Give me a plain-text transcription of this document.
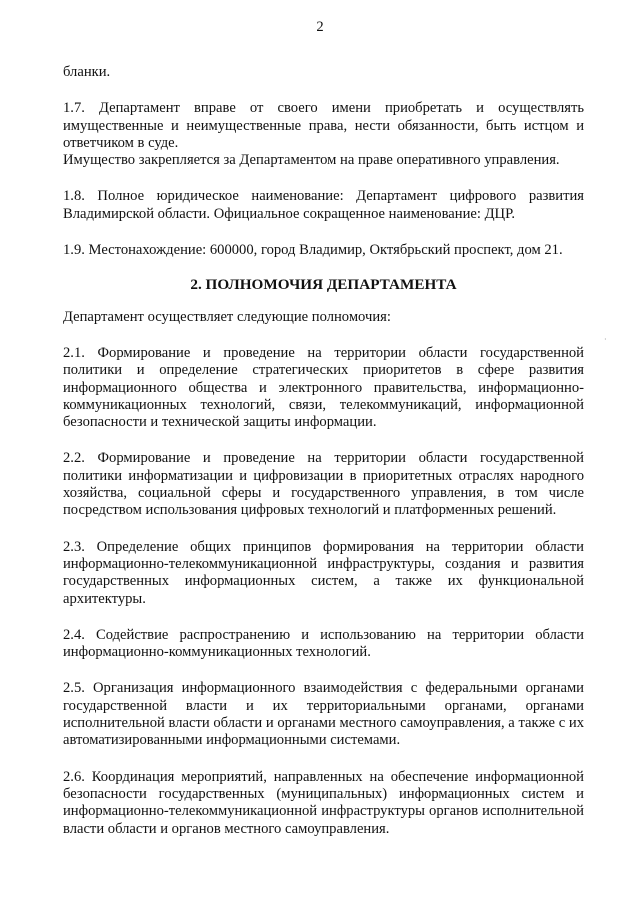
2

бланки.

1.7. Департамент вправе от своего имени приобретать и осуществлять имущественные и неимущественные права, нести обязанности, быть истцом и ответчиком в суде.

Имущество закрепляется за Департаментом на праве оперативного управления.

1.8. Полное юридическое наименование: Департамент цифрового развития Владимирской области. Официальное сокращенное наименование: ДЦР.

1.9. Местонахождение: 600000, город Владимир, Октябрьский проспект, дом 21.

2. ПОЛНОМОЧИЯ ДЕПАРТАМЕНТА

Департамент осуществляет следующие полномочия:

2.1. Формирование и проведение на территории области государственной политики и определение стратегических приоритетов в сфере развития информационного общества и электронного правительства, информационно-коммуникационных технологий, связи, телекоммуникаций, информационной безопасности и технической защиты информации.

2.2. Формирование и проведение на территории области государственной политики информатизации и цифровизации в приоритетных отраслях народного хозяйства, социальной сферы и государственного управления, в том числе посредством использования цифровых технологий и платформенных решений.

2.3. Определение общих принципов формирования на территории области информационно-телекоммуникационной инфраструктуры, создания и развития государственных информационных систем, а также их функциональной архитектуры.

2.4. Содействие распространению и использованию на территории области информационно-коммуникационных технологий.

2.5. Организация информационного взаимодействия с федеральными органами государственной власти и их территориальными органами, органами исполнительной власти области и органами местного самоуправления, а также с их автоматизированными информационными системами.

2.6. Координация мероприятий, направленных на обеспечение информационной безопасности государственных (муниципальных) информационных систем и информационно-телекоммуникационной инфраструктуры органов исполнительной власти области и органов местного самоуправления.

·
